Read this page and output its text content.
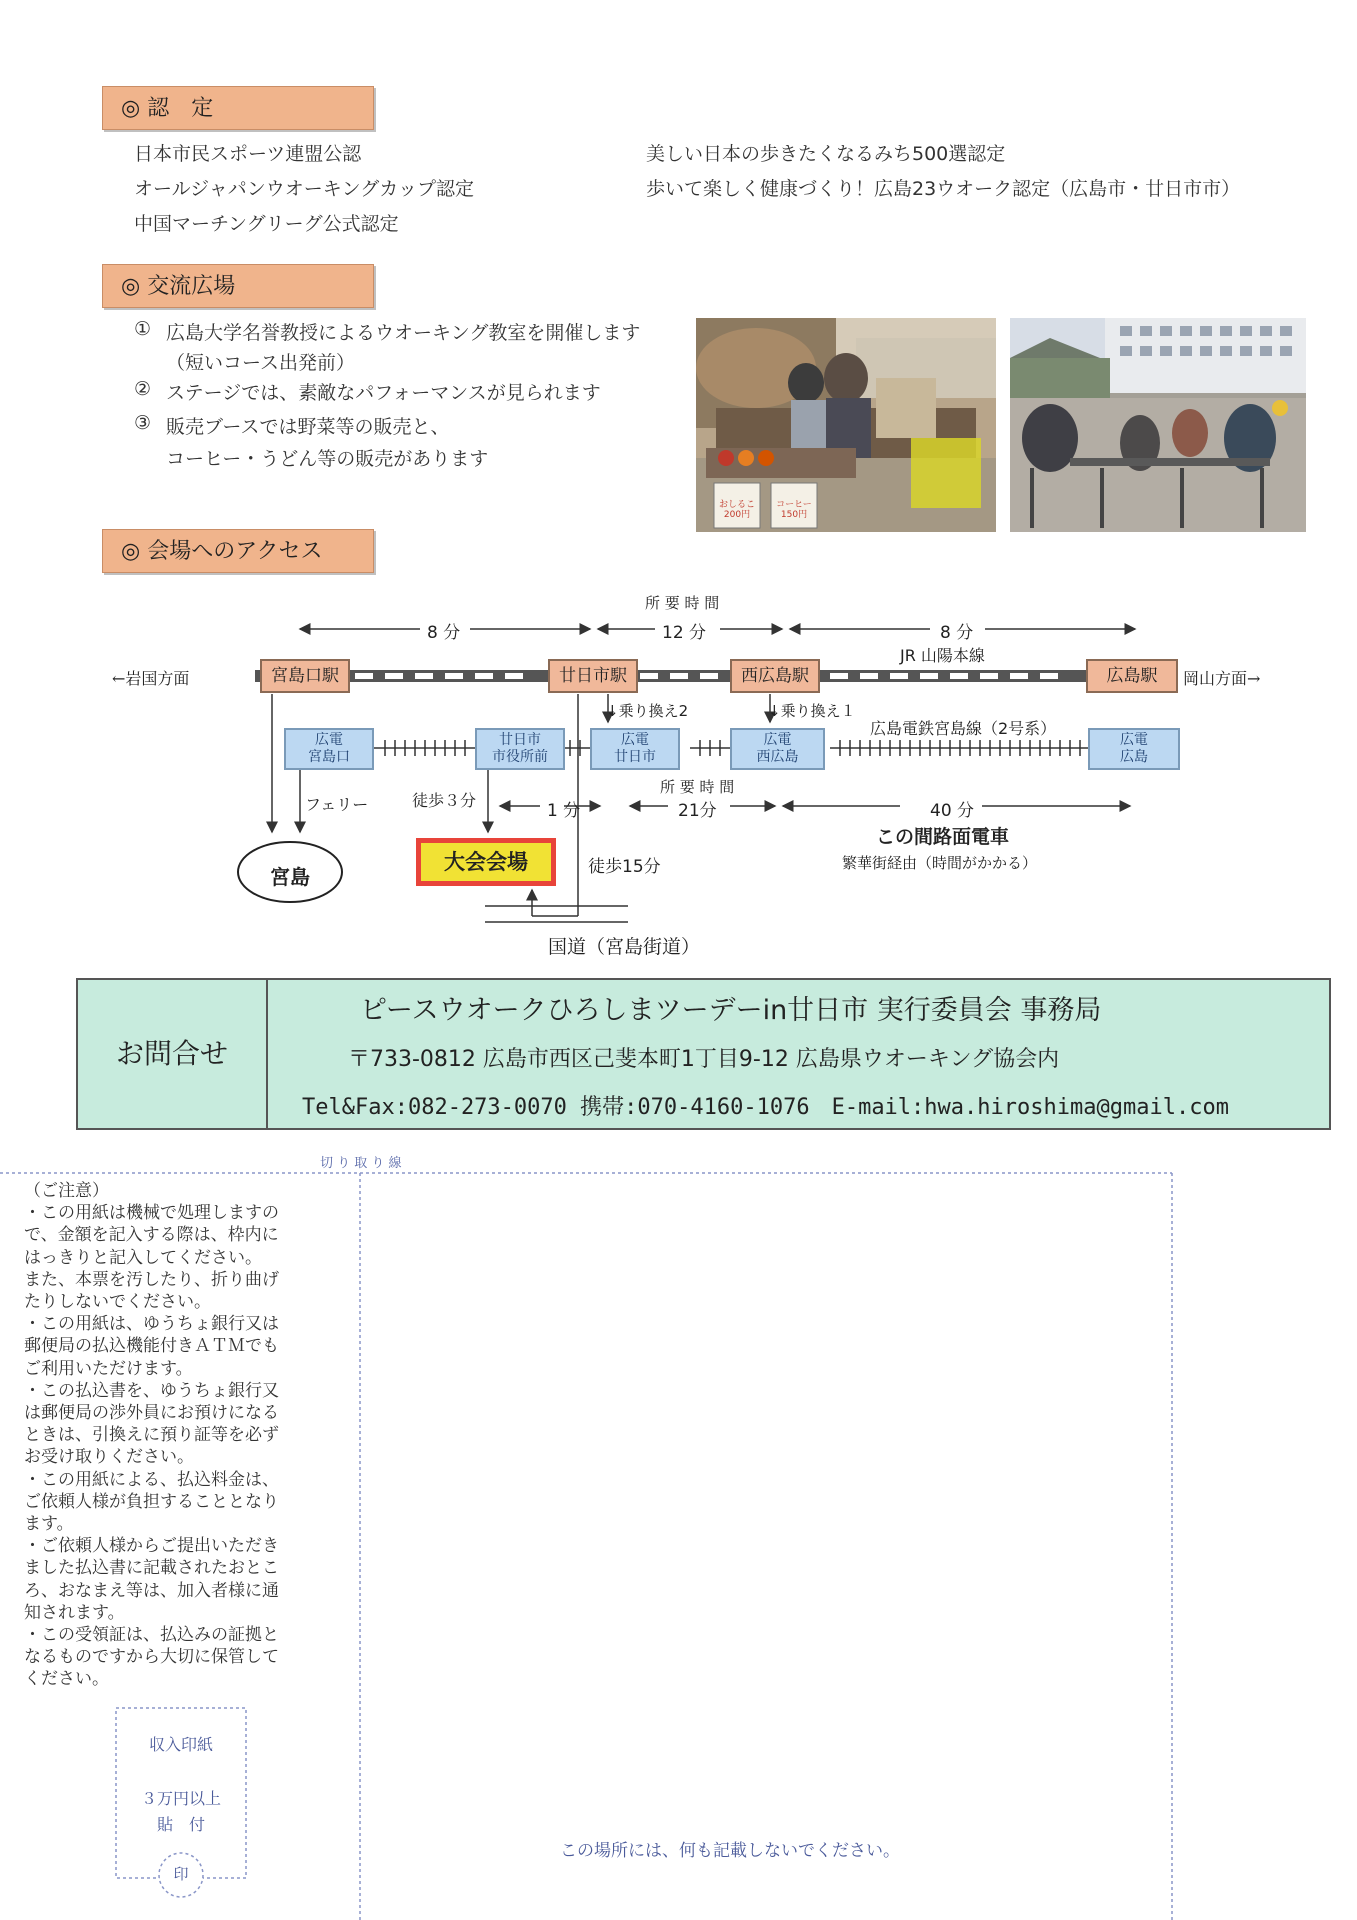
◎ 認　定
日本市民スポーツ連盟公認
オールジャパンウオーキングカップ認定
中国マーチングリーグ公式認定
美しい日本の歩きたくなるみち500選認定
歩いて楽しく健康づくり！広島23ウオーク認定（広島市・廿日市市）
◎ 交流広場
① 広島大学名誉教授によるウオーキング教室を開催します
（短いコース出発前）
② ステージでは、素敵なパフォーマンスが見られます
③ 販売ブースでは野菜等の販売と、
コーヒー・うどん等の販売があります
おしるこ
200円
コーヒー
150円
◎ 会場へのアクセス
所 要 時 間
8 分	12 分	8 分
JR 山陽本線
←岩国方面	岡山方面→
宮島口駅	廿日市駅	西広島駅	広島駅
↓乗り換え2	↓乗り換え１
広島電鉄宮島線（2号系）
広電
宮島口
廿日市
市役所前
広電
廿日市
広電
西広島
広電
広島
フェリー	徒歩３分
所 要 時 間
1 分	21分	40 分
この間路面電車
繁華街経由（時間がかかる）
宮島
大会会場	徒歩15分
国道（宮島街道）
お問合せ
ピースウオークひろしまツーデーin廿日市 実行委員会 事務局
〒733-0812 広島市西区己斐本町1丁目9-12 広島県ウオーキング協会内
Tel&Fax:082-273-0070 携帯:070-4160-1076　E-mail:hwa.hiroshima@gmail.com
切 り 取 り 線
（ご注意）
・この用紙は機械で処理しますの
で、金額を記入する際は、枠内に
はっきりと記入してください。
また、本票を汚したり、折り曲げ
たりしないでください。
・この用紙は、ゆうちょ銀行又は
郵便局の払込機能付きＡＴＭでも
ご利用いただけます。
・この払込書を、ゆうちょ銀行又
は郵便局の渉外員にお預けになる
ときは、引換えに預り証等を必ず
お受け取りください。
・この用紙による、払込料金は、
ご依頼人様が負担することとなり
ます。
・ご依頼人様からご提出いただき
ました払込書に記載されたおとこ
ろ、おなまえ等は、加入者様に通
知されます。
・この受領証は、払込みの証拠と
なるものですから大切に保管して
ください。
収入印紙
３万円以上
貼　付
印
この場所には、何も記載しないでください。
